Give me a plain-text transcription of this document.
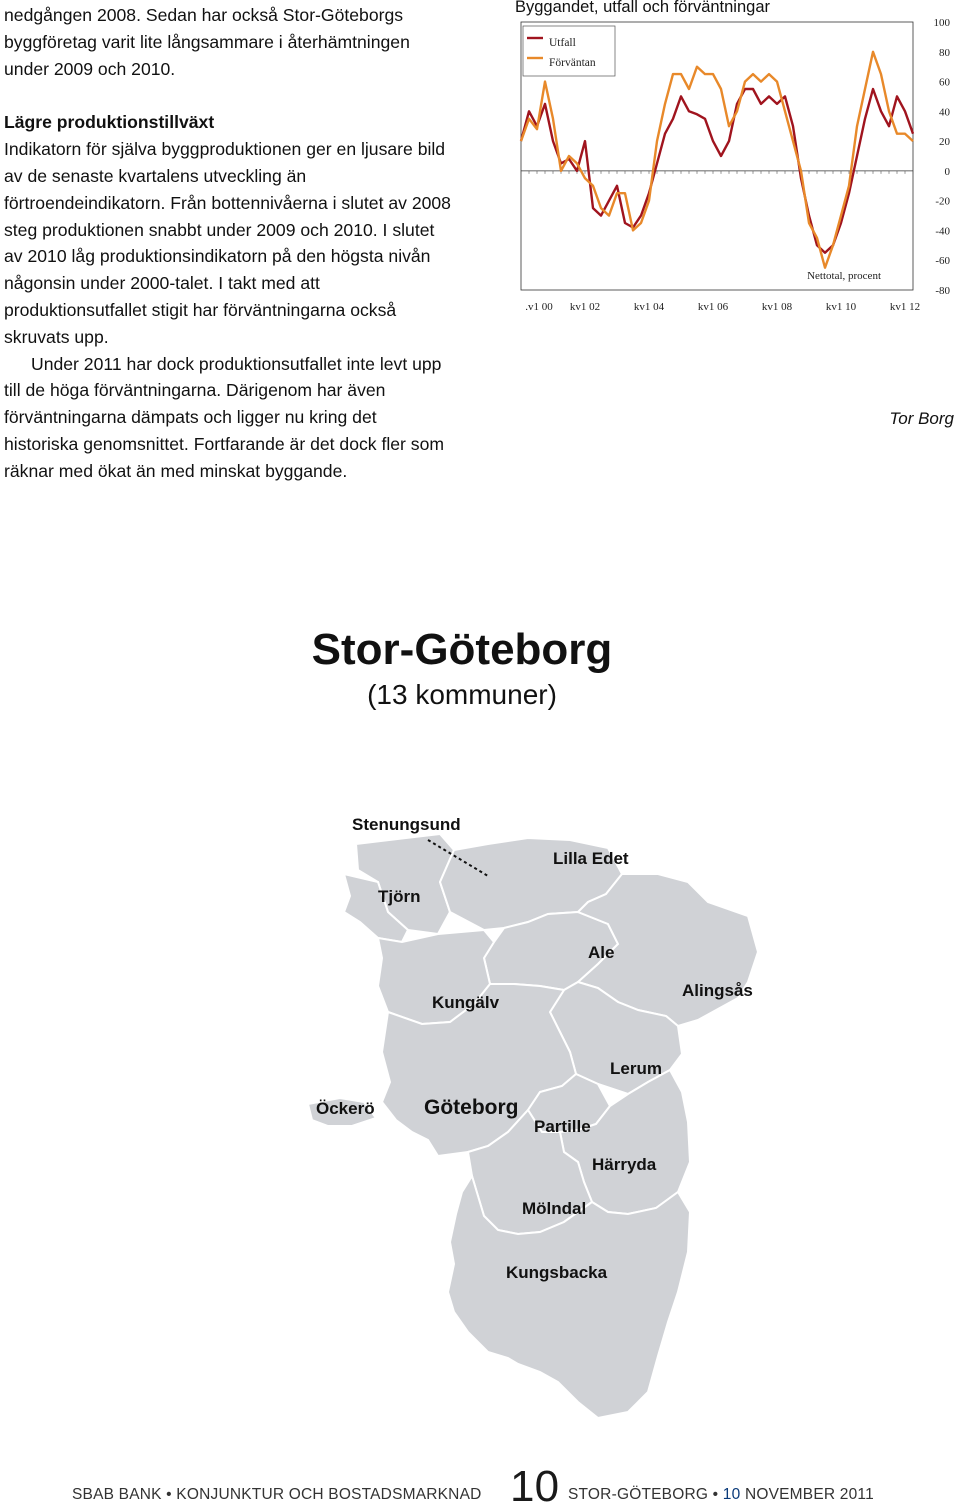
nedgången 2008. Sedan har också Stor-Göteborgs byggföretag varit lite långsammare i återhämtningen under 2009 och 2010.

Lägre produktionstillväxt

Indikatorn för själva byggproduktionen ger en ljusare bild av de senaste kvartalens utveckling än förtroendeindikatorn. Från bottennivåerna i slutet av 2008 steg produktionen snabbt under 2009 och 2010. I slutet av 2010 låg produktionsindikatorn på den högsta nivån någonsin under 2000-talet. I takt med att produktionsutfallet stigit har förväntningarna också skruvats upp.

Under 2011 har dock produktionsutfallet inte levt upp till de höga förväntningarna. Därigenom har även förväntningarna dämpats och ligger nu kring det historiska genomsnittet. Fortfarande är det dock fler som räknar med ökat än med minskat byggande.

Byggandet, utfall och förväntningar
100
80
60
40
20
0
-20
-40
-60
-80
.v1 00 kv1 02	kv1 04	kv1 06	kv1 08	kv1 10	kv1 12
Utfall
Förväntan
Nettotal, procent
Tor Borg
Stor-Göteborg
(13 kommuner)
Stenungsund
Lilla Edet
Tjörn
Ale
Kungälv
Alingsås
Lerum
Öckerö Göteborg
Partille
Härryda
Mölndal
Kungsbacka
SBAB BANK • KONJUNKTUR OCH BOSTADSMARKNAD 10 STOR-GÖTEBORG • 10 NOVEMBER 2011
